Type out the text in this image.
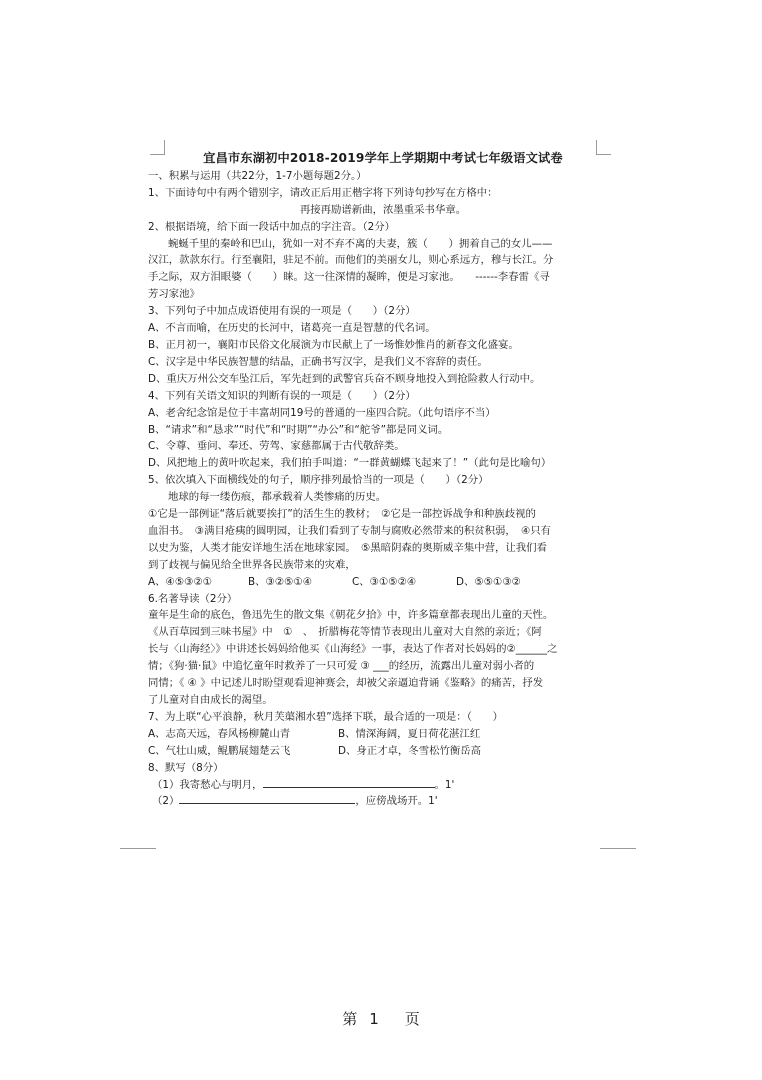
宜昌市东湖初中2018-2019学年上学期期中考试七年级语文试卷
一、积累与运用（共22分，1-7小题每题2分。）
1、下面诗句中有两个错别字，请改正后用正楷字将下列诗句抄写在方格中：
再接再励谱新曲，浓墨重采书华章。
2、根据语境，给下面一段话中加点的字注音。（2分）
蜿蜒千里的秦岭和巴山，犹如一对不弃不离的夫妻，簇（　　）拥着自己的女儿——
汉江，款款东行。行至襄阳，驻足不前。而他们的美丽女儿，则心系远方，穆与长江。分
手之际，双方泪眼婆（　　）睐。这一往深情的凝眸，便是习家池。　　------李春雷《寻
芳习家池》
3、下列句子中加点成语使用有误的一项是（　　）（2分）
A、不言而喻，在历史的长河中，诸葛亮一直是智慧的代名词。
B、正月初一，襄阳市民俗文化展演为市民献上了一场惟妙惟肖的新春文化盛宴。
C、汉字是中华民族智慧的结晶，正确书写汉字，是我们义不容辞的责任。
D、重庆万州公交车坠江后，军先赶到的武警官兵奋不顾身地投入到抢险救人行动中。
4、下列有关语文知识的判断有误的一项是（　　）（2分）
A、老舍纪念馆是位于丰富胡同19号的普通的一座四合院。（此句语序不当）
B、“请求”和“恳求”“时代”和“时期”“办公”和“舵爷”都是同义词。
C、令尊、垂问、奉还、劳驾、家慈都属于古代敬辞类。
D、风把地上的黄叶吹起来，我们拍手叫道：“一群黄蝴蝶飞起来了！”（此句是比喻句）
5、依次填入下面横线处的句子，顺序排列最恰当的一项是（　　）（2分）
地球的每一缕伤痕，都承载着人类惨痛的历史。
①它是一部例证“落后就要挨打”的活生生的教材；　②它是一部控诉战争和种族歧视的
血泪书。　③满目疮痍的圆明园，让我们看到了专制与腐败必然带来的积贫积弱，　④只有
以史为鉴，人类才能安详地生活在地球家园。　⑤黑暗阴森的奥斯威辛集中营，让我们看
到了歧视与偏见给全世界各民族带来的灾难，
A、④⑤③②①	B、③②⑤①④	C、③①⑤②④	D、⑤⑤①③②
6.名著导读（2分）
童年是生命的底色，鲁迅先生的散文集《朝花夕拾》中，许多篇章都表现出儿童的天性。
《从百草园到三味书屋》中　①　、　折腊梅花等情节表现出儿童对大自然的亲近；《阿
长与〈山海经〉》中讲述长妈妈给他买《山海经》一事，表达了作者对长妈妈的②______之
情；《狗·猫·鼠》中追忆童年时救养了一只可爱 ③ ___的经历，流露出儿童对弱小者的
同情；《 ④ 》中记述儿时盼望观看迎神赛会，却被父亲逼迫背诵《鉴略》的痛苦，抒发
了儿童对自由成长的渴望。
7、为上联“心平浪静，秋月芙蕖湘水碧”选择下联，最合适的一项是：（　　）
A、志高天远，春风杨柳麓山青	B、情深海阔，夏日荷花湛江红
C、气壮山威，鲲鹏展翅楚云飞	D、身正才卓，冬雪松竹衡岳高
8、默写（8分）
（1）我寄愁心与明月，	。1'
（2）	，应傍战场开。1'
第 1 页
